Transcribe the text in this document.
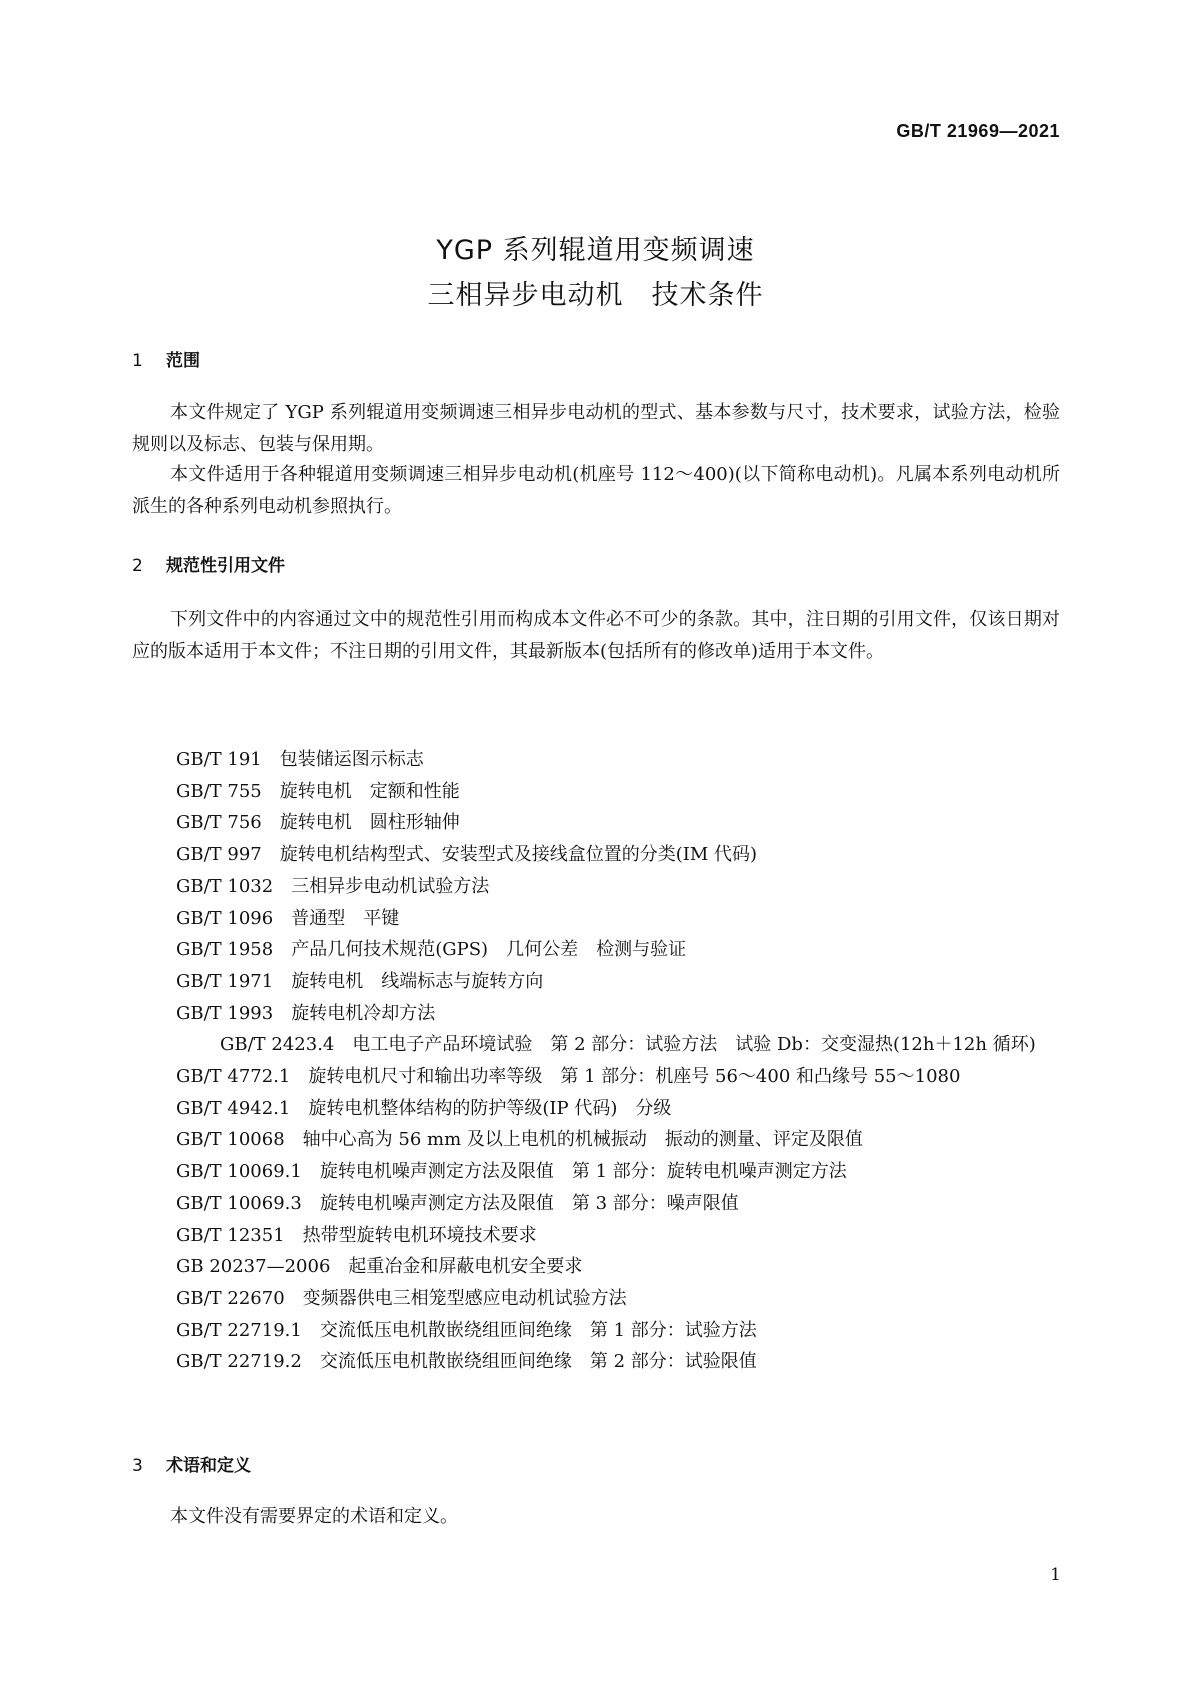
GB/T 21969—2021
YGP 系列辊道用变频调速
三相异步电动机　技术条件
1 范围

本文件规定了 YGP 系列辊道用变频调速三相异步电动机的型式、基本参数与尺寸，技术要求，试验方法，检验规则以及标志、包装与保用期。

本文件适用于各种辊道用变频调速三相异步电动机(机座号 112～400)(以下简称电动机)。凡属本系列电动机所派生的各种系列电动机参照执行。

2 规范性引用文件

下列文件中的内容通过文中的规范性引用而构成本文件必不可少的条款。其中，注日期的引用文件，仅该日期对应的版本适用于本文件；不注日期的引用文件，其最新版本(包括所有的修改单)适用于本文件。

GB/T 191 包装储运图示标志
GB/T 755 旋转电机　定额和性能
GB/T 756 旋转电机　圆柱形轴伸
GB/T 997 旋转电机结构型式、安装型式及接线盒位置的分类(IM 代码)
GB/T 1032 三相异步电动机试验方法
GB/T 1096 普通型　平键
GB/T 1958 产品几何技术规范(GPS)　几何公差　检测与验证
GB/T 1971 旋转电机　线端标志与旋转方向
GB/T 1993 旋转电机冷却方法
GB/T 2423.4 电工电子产品环境试验　第 2 部分：试验方法　试验 Db：交变湿热(12h＋12h 循环)
GB/T 4772.1 旋转电机尺寸和输出功率等级　第 1 部分：机座号 56～400 和凸缘号 55～1080
GB/T 4942.1 旋转电机整体结构的防护等级(IP 代码)　分级
GB/T 10068 轴中心高为 56 mm 及以上电机的机械振动　振动的测量、评定及限值
GB/T 10069.1 旋转电机噪声测定方法及限值　第 1 部分：旋转电机噪声测定方法
GB/T 10069.3 旋转电机噪声测定方法及限值　第 3 部分：噪声限值
GB/T 12351 热带型旋转电机环境技术要求
GB 20237—2006 起重冶金和屏蔽电机安全要求
GB/T 22670 变频器供电三相笼型感应电动机试验方法
GB/T 22719.1 交流低压电机散嵌绕组匝间绝缘　第 1 部分：试验方法
GB/T 22719.2 交流低压电机散嵌绕组匝间绝缘　第 2 部分：试验限值
3 术语和定义

本文件没有需要界定的术语和定义。

1
